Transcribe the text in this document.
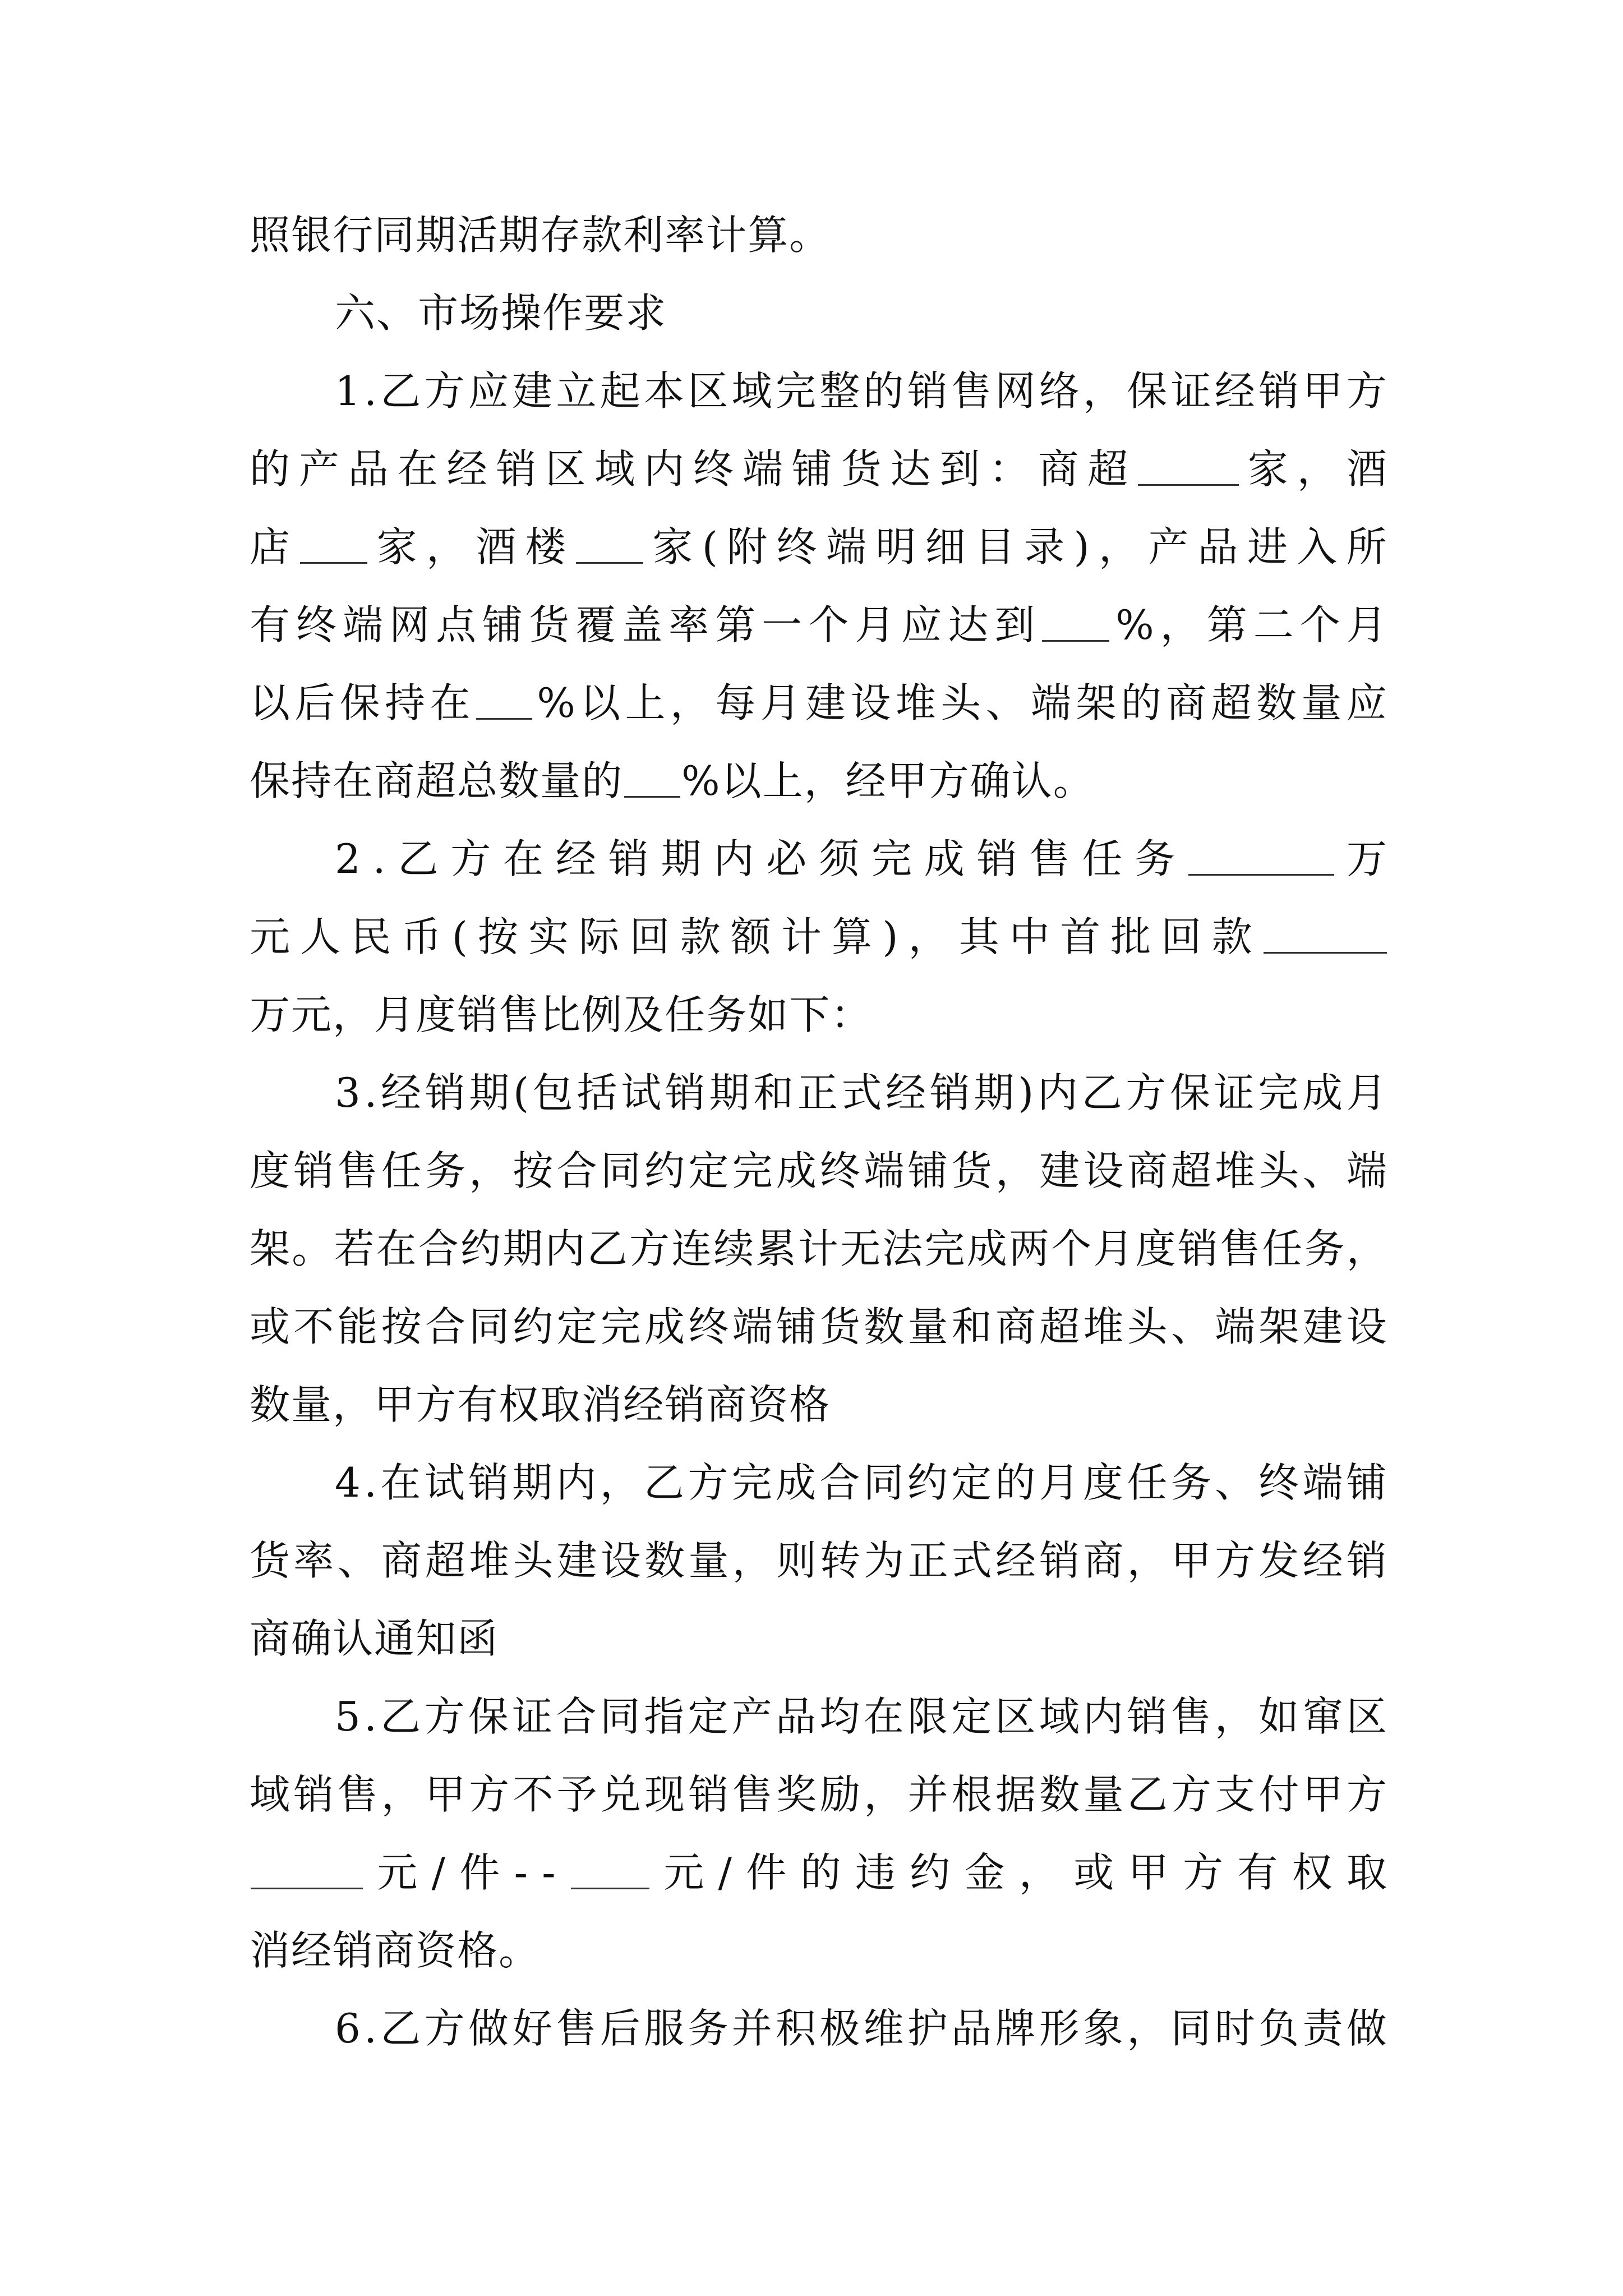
照 银 行 同 期 活 期 存 款 利 率 计 算 。
六 、 市 场 操 作 要 求
1 . 乙 方 应 建 立 起 本 区 域 完 整 的 销 售 网 络 ， 保 证 经 销 甲 方
的 产 品 在 经 销 区 域 内 终 端 铺 货 达 到 ： 商 超	家 ， 酒
店 家 ， 酒 楼 家 ( 附 终 端 明 细 目 录 ) ， 产 品 进 入 所
有 终 端 网 点 铺 货 覆 盖 率 第 一 个 月 应 达 到 % ， 第 二 个 月
以 后 保 持 在 % 以 上 ， 每 月 建 设 堆 头 、 端 架 的 商 超 数 量 应
保 持 在 商 超 总 数 量 的 % 以 上 ， 经 甲 方 确 认 。
2 . 乙 方 在 经 销 期 内 必 须 完 成 销 售 任 务	万
元 人 民 币 ( 按 实 际 回 款 额 计 算 ) ， 其 中 首 批 回 款
万 元 ， 月 度 销 售 比 例 及 任 务 如 下 ：
3 . 经 销 期 ( 包 括 试 销 期 和 正 式 经 销 期 ) 内 乙 方 保 证 完 成 月
度 销 售 任 务 ， 按 合 同 约 定 完 成 终 端 铺 货 ， 建 设 商 超 堆 头 、 端
架 。 若 在 合 约 期 内 乙 方 连 续 累 计 无 法 完 成 两 个 月 度 销 售 任 务 ，
或 不 能 按 合 同 约 定 完 成 终 端 铺 货 数 量 和 商 超 堆 头 、 端 架 建 设
数 量 ， 甲 方 有 权 取 消 经 销 商 资 格
4 . 在 试 销 期 内 ， 乙 方 完 成 合 同 约 定 的 月 度 任 务 、 终 端 铺
货 率 、 商 超 堆 头 建 设 数 量 ， 则 转 为 正 式 经 销 商 ， 甲 方 发 经 销
商 确 认 通 知 函
5 . 乙 方 保 证 合 同 指 定 产 品 均 在 限 定 区 域 内 销 售 ， 如 窜 区
域 销 售 ， 甲 方 不 予 兑 现 销 售 奖 励 ， 并 根 据 数 量 乙 方 支 付 甲 方
元 / 件 - -	元 / 件 的 违 约 金 ， 或 甲 方 有 权 取
消 经 销 商 资 格 。
6 . 乙 方 做 好 售 后 服 务 并 积 极 维 护 品 牌 形 象 ， 同 时 负 责 做
